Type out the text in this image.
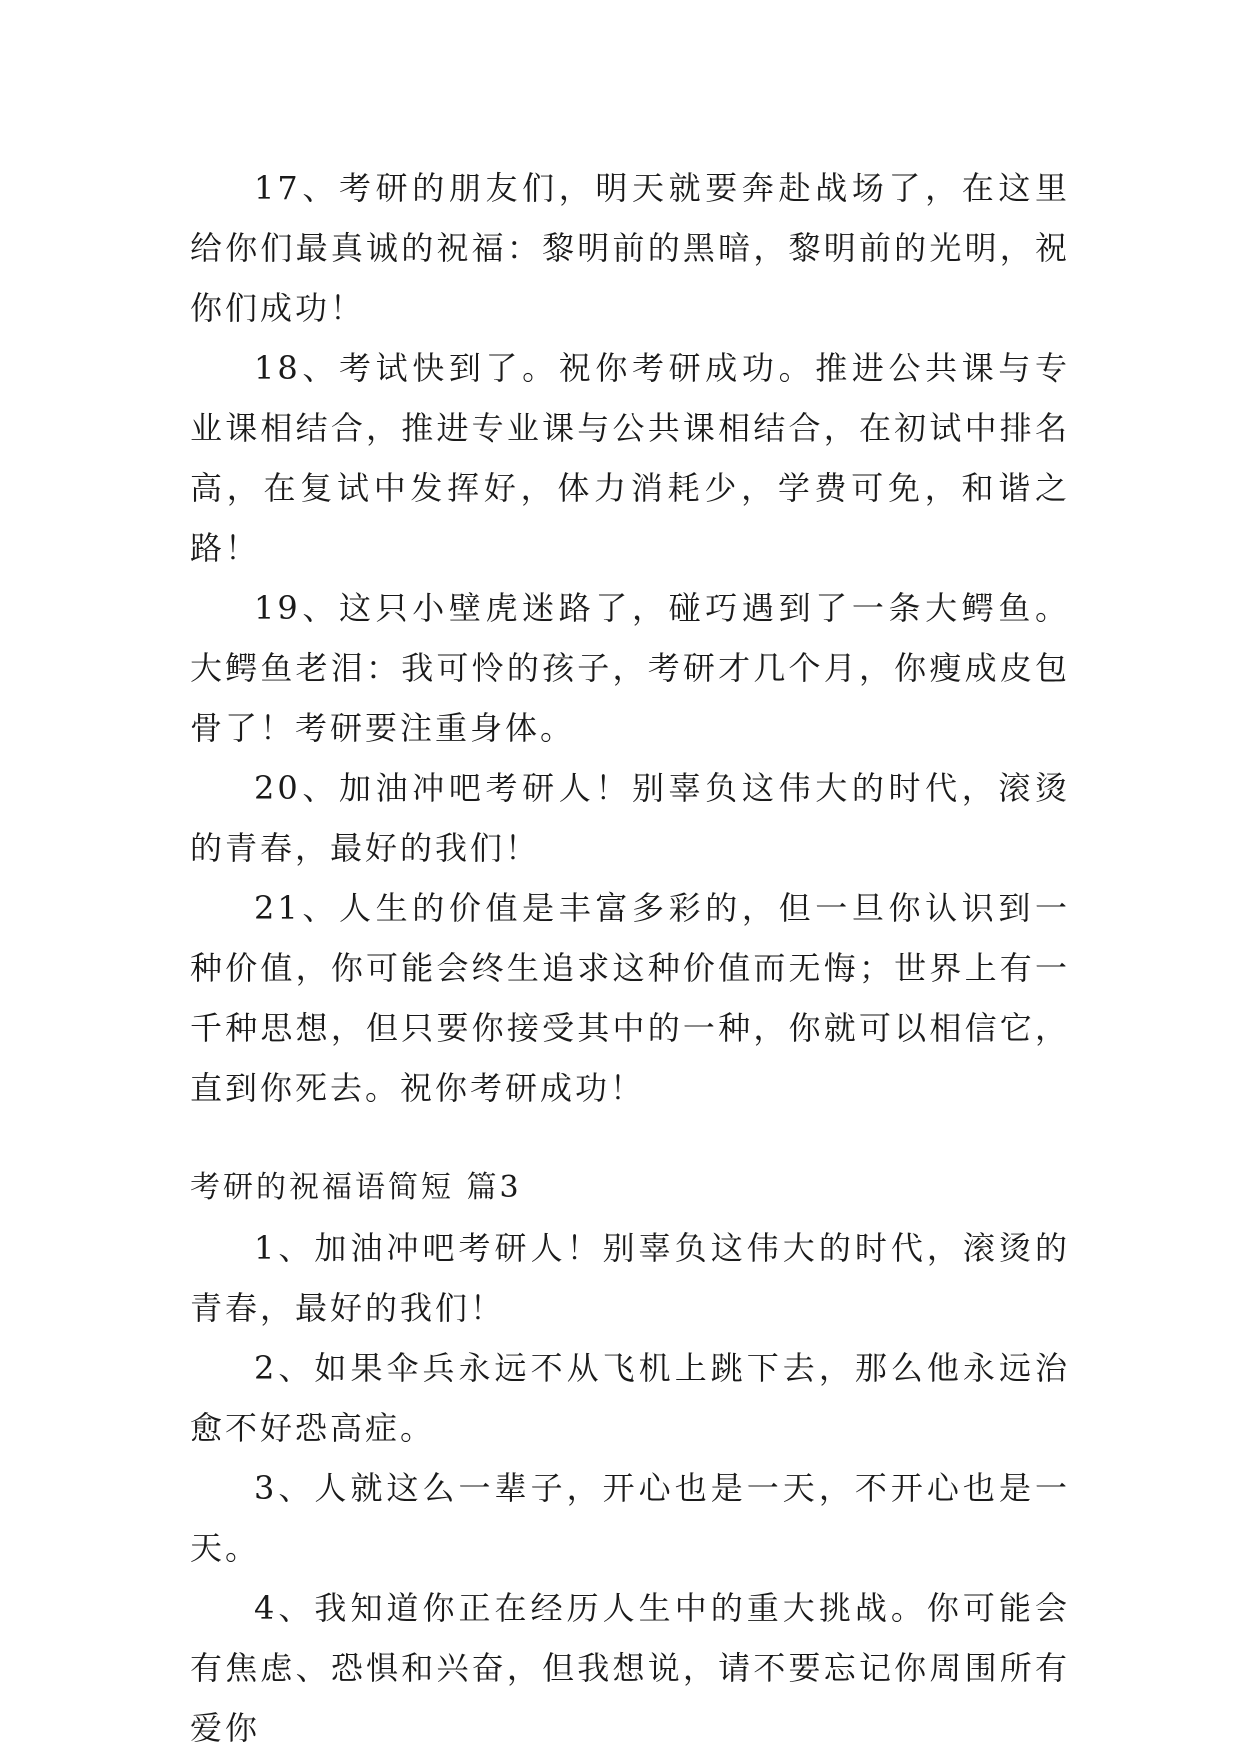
17、考研的朋友们，明天就要奔赴战场了，在这里给你们最真诚的祝福：黎明前的黑暗，黎明前的光明，祝你们成功！

18、考试快到了。祝你考研成功。推进公共课与专业课相结合，推进专业课与公共课相结合，在初试中排名高，在复试中发挥好，体力消耗少，学费可免，和谐之路！

19、这只小壁虎迷路了，碰巧遇到了一条大鳄鱼。大鳄鱼老泪：我可怜的孩子，考研才几个月，你瘦成皮包骨了！考研要注重身体。

20、加油冲吧考研人！别辜负这伟大的时代，滚烫的青春，最好的我们！

21、人生的价值是丰富多彩的，但一旦你认识到一种价值，你可能会终生追求这种价值而无悔；世界上有一千种思想，但只要你接受其中的一种，你就可以相信它，直到你死去。祝你考研成功！

考研的祝福语简短 篇3

1、加油冲吧考研人！别辜负这伟大的时代，滚烫的青春，最好的我们！

2、如果伞兵永远不从飞机上跳下去，那么他永远治愈不好恐高症。

3、人就这么一辈子，开心也是一天，不开心也是一天。

4、我知道你正在经历人生中的重大挑战。你可能会有焦虑、恐惧和兴奋，但我想说，请不要忘记你周围所有爱你
